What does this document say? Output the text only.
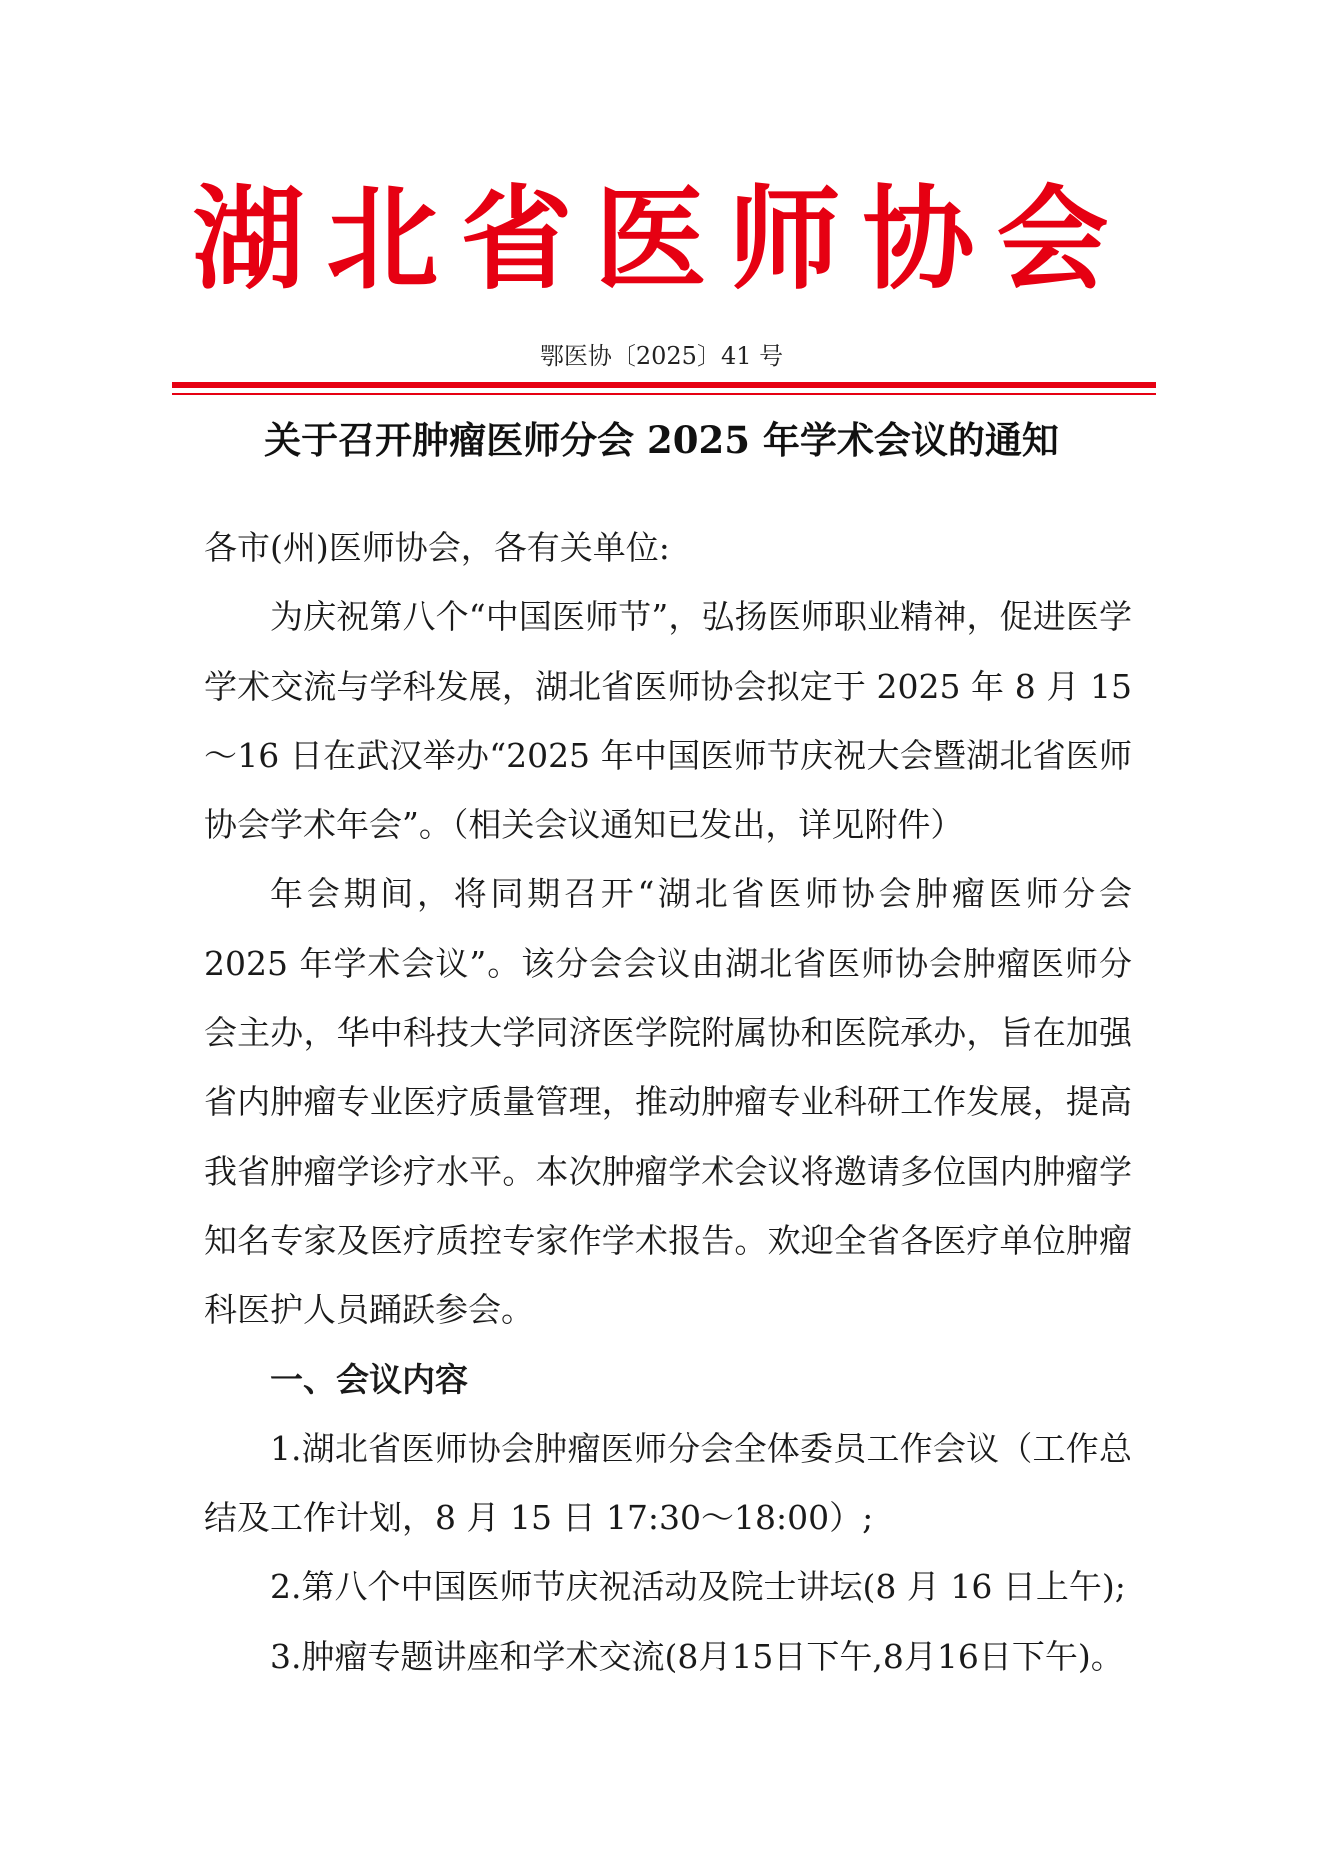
湖北省医师协会
鄂医协〔2025〕41 号
关于召开肿瘤医师分会 2025 年学术会议的通知

各市(州)医师协会，各有关单位:

为庆祝第八个“中国医师节”，弘扬医师职业精神，促进医学学术交流与学科发展，湖北省医师协会拟定于 2025 年 8 月 15～16 日在武汉举办“2025 年中国医师节庆祝大会暨湖北省医师协会学术年会”。（相关会议通知已发出，详见附件）

年会期间，将同期召开“湖北省医师协会肿瘤医师分会 2025 年学术会议”。该分会会议由湖北省医师协会肿瘤医师分会主办，华中科技大学同济医学院附属协和医院承办，旨在加强省内肿瘤专业医疗质量管理，推动肿瘤专业科研工作发展，提高我省肿瘤学诊疗水平。本次肿瘤学术会议将邀请多位国内肿瘤学知名专家及医疗质控专家作学术报告。欢迎全省各医疗单位肿瘤科医护人员踊跃参会。

一、会议内容

1.湖北省医师协会肿瘤医师分会全体委员工作会议（工作总结及工作计划，8 月 15 日 17:30～18:00）;

2.第八个中国医师节庆祝活动及院士讲坛(8 月 16 日上午);

3.肿瘤专题讲座和学术交流(8月15日下午,8月16日下午)。
